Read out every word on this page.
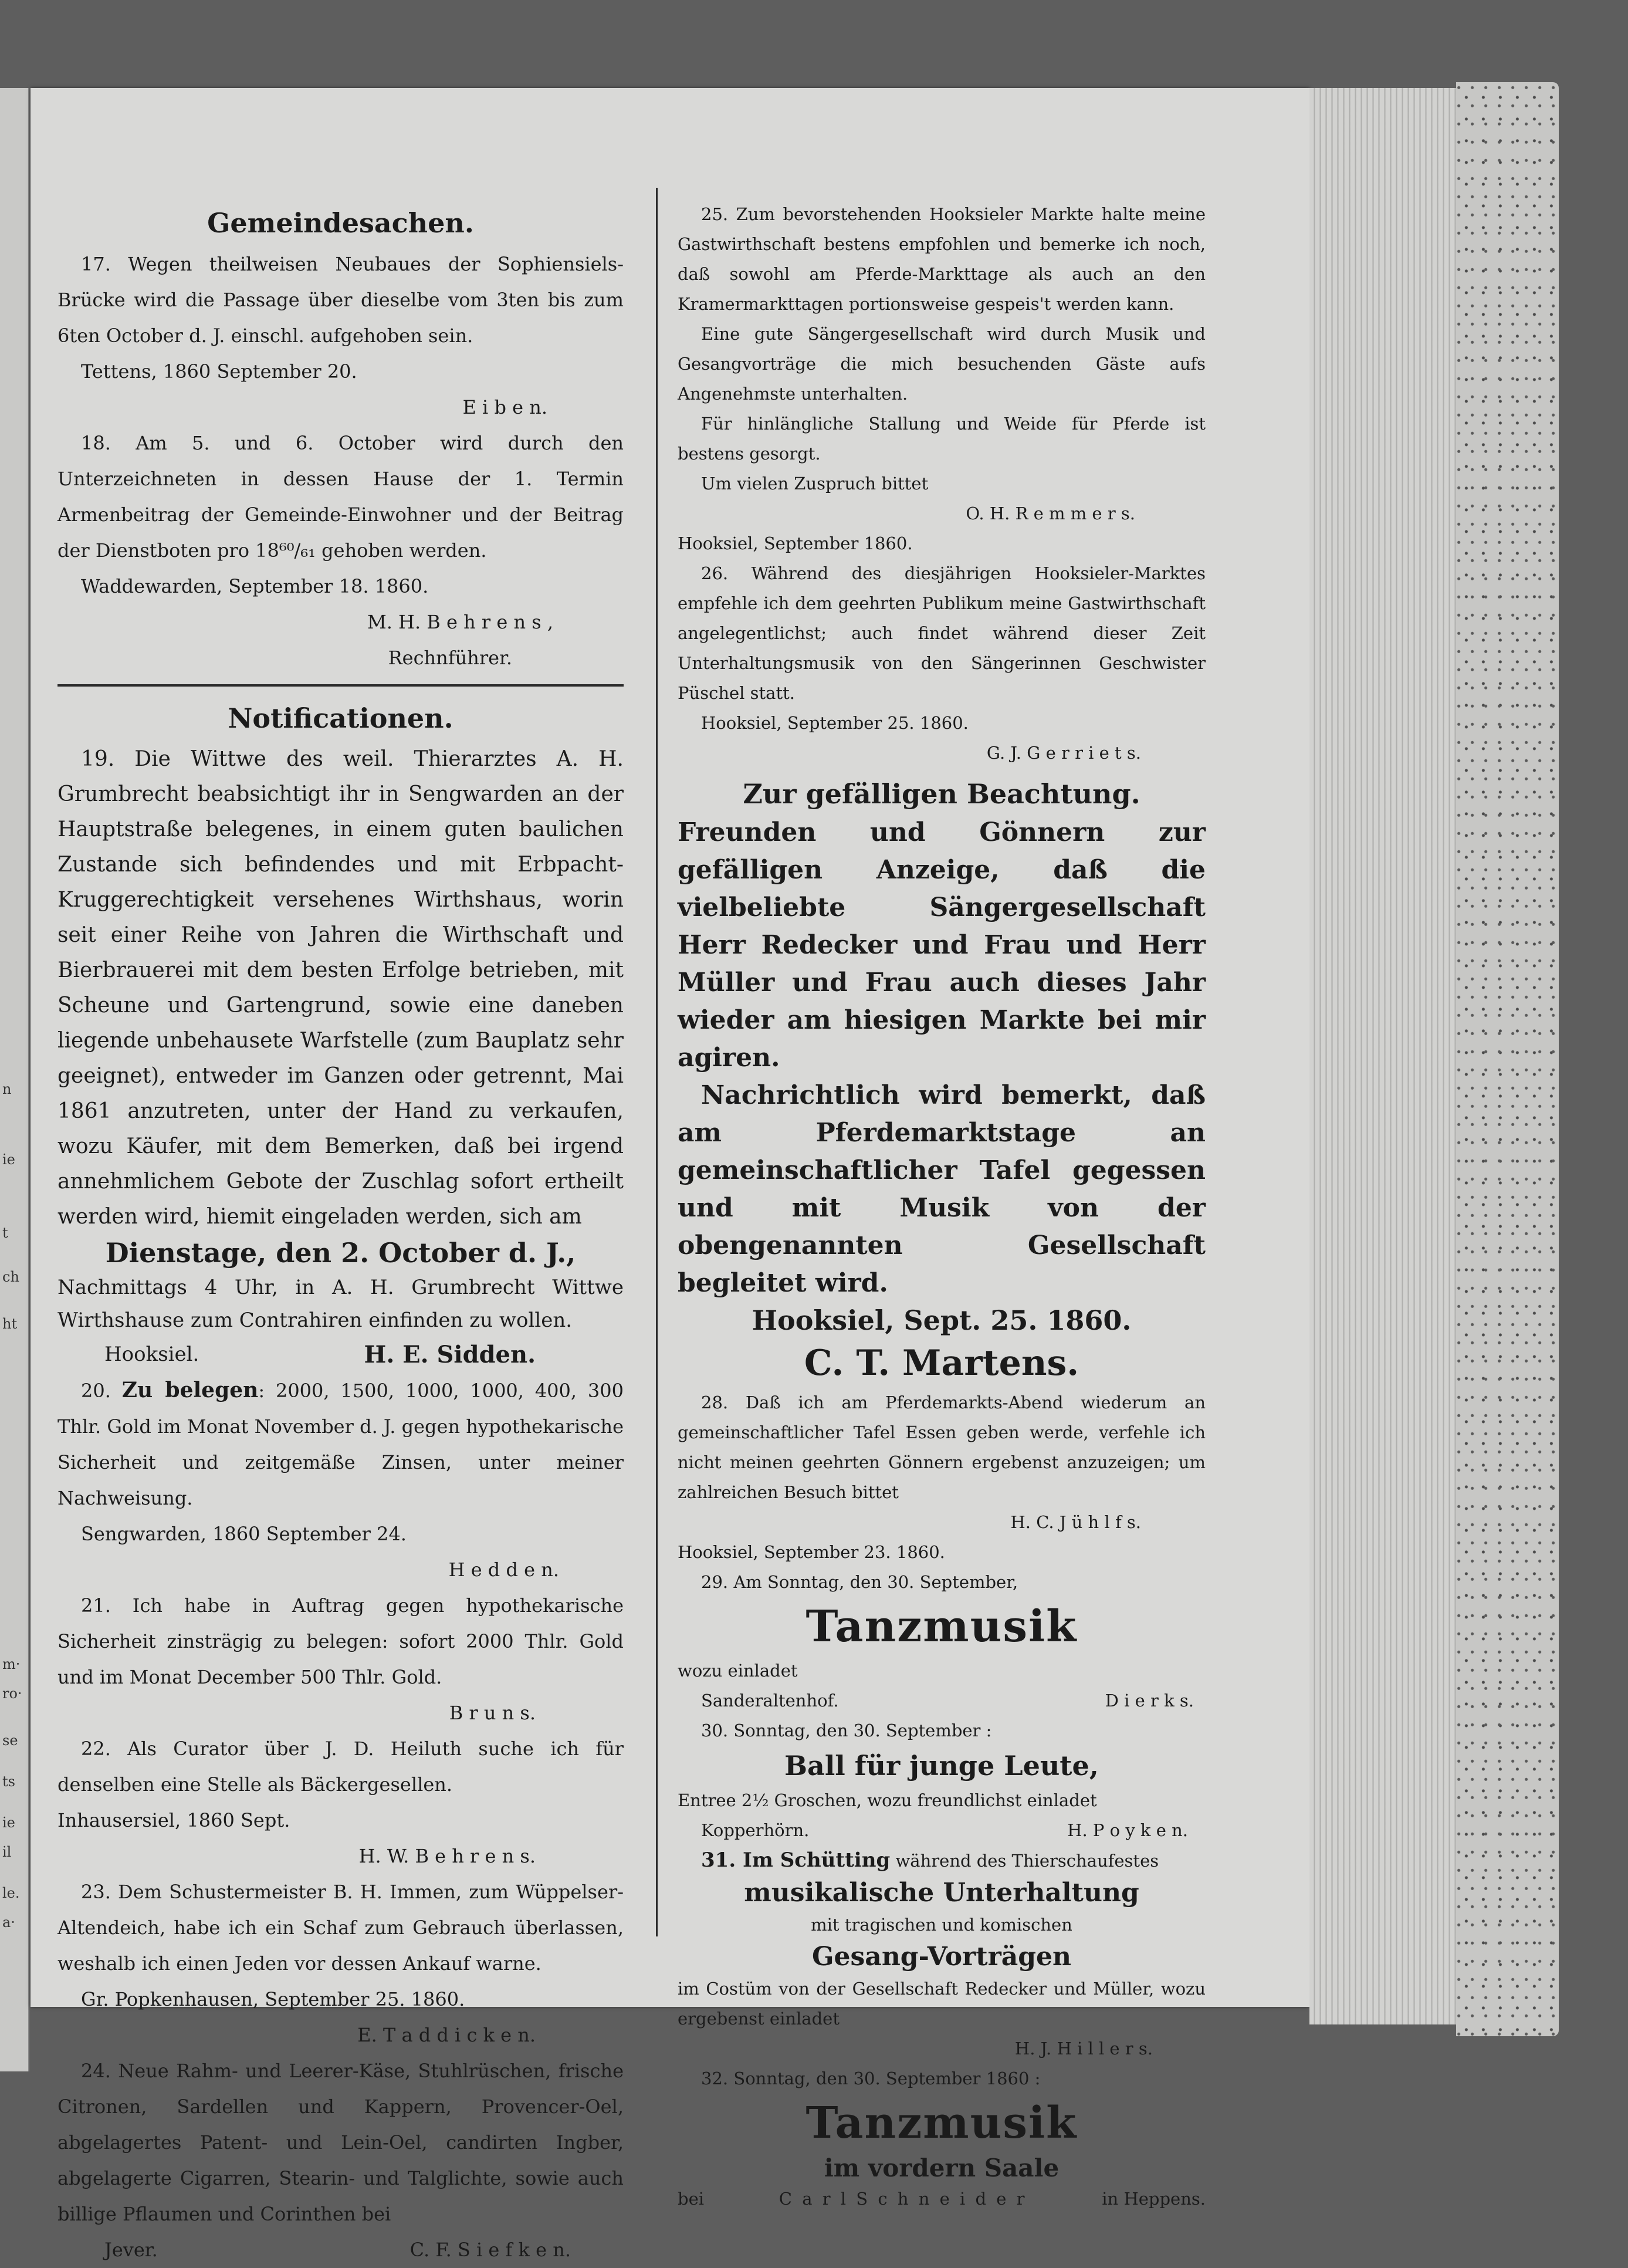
n
ie
t
ch
ht
m·
ro·
se
ts
ie
il
le.
a·
Gemeindesachen.

17. Wegen theilweisen Neubaues der Sophiensiels-Brücke wird die Passage über dieselbe vom 3ten bis zum 6ten October d. J. einschl. aufgehoben sein.

Tettens, 1860 September 20.

E i b e n.

18. Am 5. und 6. October wird durch den Unterzeichneten in dessen Hause der 1. Termin Armenbeitrag der Gemeinde-Einwohner und der Beitrag der Dienstboten pro 18⁶⁰/₆₁ gehoben werden.

Waddewarden, September 18. 1860.

M. H. B e h r e n s ,

Rechnführer.

Notificationen.

19. Die Wittwe des weil. Thierarztes A. H. Grumbrecht beabsichtigt ihr in Sengwarden an der Hauptstraße belegenes, in einem guten baulichen Zustande sich befindendes und mit Erbpacht-Kruggerechtigkeit versehenes Wirthshaus, worin seit einer Reihe von Jahren die Wirthschaft und Bierbrauerei mit dem besten Erfolge betrieben, mit Scheune und Gartengrund, sowie eine daneben liegende unbehausete Warfstelle (zum Bauplatz sehr geeignet), entweder im Ganzen oder getrennt, Mai 1861 anzutreten, unter der Hand zu verkaufen, wozu Käufer, mit dem Bemerken, daß bei irgend annehmlichem Gebote der Zuschlag sofort ertheilt werden wird, hiemit eingeladen werden, sich am

Dienstage, den 2. October d. J.,

Nachmittags 4 Uhr, in A. H. Grumbrecht Wittwe Wirthshause zum Contrahiren einfinden zu wollen.

Hooksiel.	H. E. Sidden.

20. Zu belegen: 2000, 1500, 1000, 1000, 400, 300 Thlr. Gold im Monat November d. J. gegen hypothekarische Sicherheit und zeitgemäße Zinsen, unter meiner Nachweisung.

Sengwarden, 1860 September 24.

H e d d e n.

21. Ich habe in Auftrag gegen hypothekarische Sicherheit zinsträgig zu belegen: sofort 2000 Thlr. Gold und im Monat December 500 Thlr. Gold.

B r u n s.

22. Als Curator über J. D. Heiluth suche ich für denselben eine Stelle als Bäckergesellen.

Inhausersiel, 1860 Sept.

H. W. B e h r e n s.

23. Dem Schustermeister B. H. Immen, zum Wüppelser-Altendeich, habe ich ein Schaf zum Gebrauch überlassen, weshalb ich einen Jeden vor dessen Ankauf warne.

Gr. Popkenhausen, September 25. 1860.

E. T a d d i c k e n.

24. Neue Rahm- und Leerer-Käse, Stuhlrüschen, frische Citronen, Sardellen und Kappern, Provencer-Oel, abgelagertes Patent- und Lein-Oel, candirten Ingber, abgelagerte Cigarren, Stearin- und Talglichte, sowie auch billige Pflaumen und Corinthen bei

Jever.	C. F. S i e f k e n.

25. Zum bevorstehenden Hooksieler Markte halte meine Gastwirthschaft bestens empfohlen und bemerke ich noch, daß sowohl am Pferde-Markttage als auch an den Kramermarkttagen portionsweise gespeis't werden kann.

Eine gute Sängergesellschaft wird durch Musik und Gesangvorträge die mich besuchenden Gäste aufs Angenehmste unterhalten.

Für hinlängliche Stallung und Weide für Pferde ist bestens gesorgt.

Um vielen Zuspruch bittet

O. H. R e m m e r s.

Hooksiel, September 1860.

26. Während des diesjährigen Hooksieler-Marktes empfehle ich dem geehrten Publikum meine Gastwirthschaft angelegentlichst; auch findet während dieser Zeit Unterhaltungsmusik von den Sängerinnen Geschwister Püschel statt.

Hooksiel, September 25. 1860.

G. J. G e r r i e t s.

Zur gefälligen Beachtung.

Freunden und Gönnern zur gefälligen Anzeige, daß die vielbeliebte Sängergesellschaft Herr Redecker und Frau und Herr Müller und Frau auch dieses Jahr wieder am hiesigen Markte bei mir agiren.

Nachrichtlich wird bemerkt, daß am Pferdemarktstage an gemeinschaftlicher Tafel gegessen und mit Musik von der obengenannten Gesellschaft begleitet wird.

Hooksiel, Sept. 25. 1860.

C. T. Martens.

28. Daß ich am Pferdemarkts-Abend wiederum an gemeinschaftlicher Tafel Essen geben werde, verfehle ich nicht meinen geehrten Gönnern ergebenst anzuzeigen; um zahlreichen Besuch bittet

H. C. J ü h l f s.

Hooksiel, September 23. 1860.

29. Am Sonntag, den 30. September,

Tanzmusik

wozu einladet

Sanderaltenhof.	D i e r k s.

30. Sonntag, den 30. September :

Ball für junge Leute,

Entree 2½ Groschen, wozu freundlichst einladet

Kopperhörn.	H. P o y k e n.

31. Im Schütting während des Thierschaufestes

musikalische Unterhaltung

mit tragischen und komischen

Gesang-Vorträgen

im Costüm von der Gesellschaft Redecker und Müller, wozu ergebenst einladet

H. J. H i l l e r s.

32. Sonntag, den 30. September 1860 :

Tanzmusik

im vordern Saale

bei	C a r l S c h n e i d e r	in Heppens.
